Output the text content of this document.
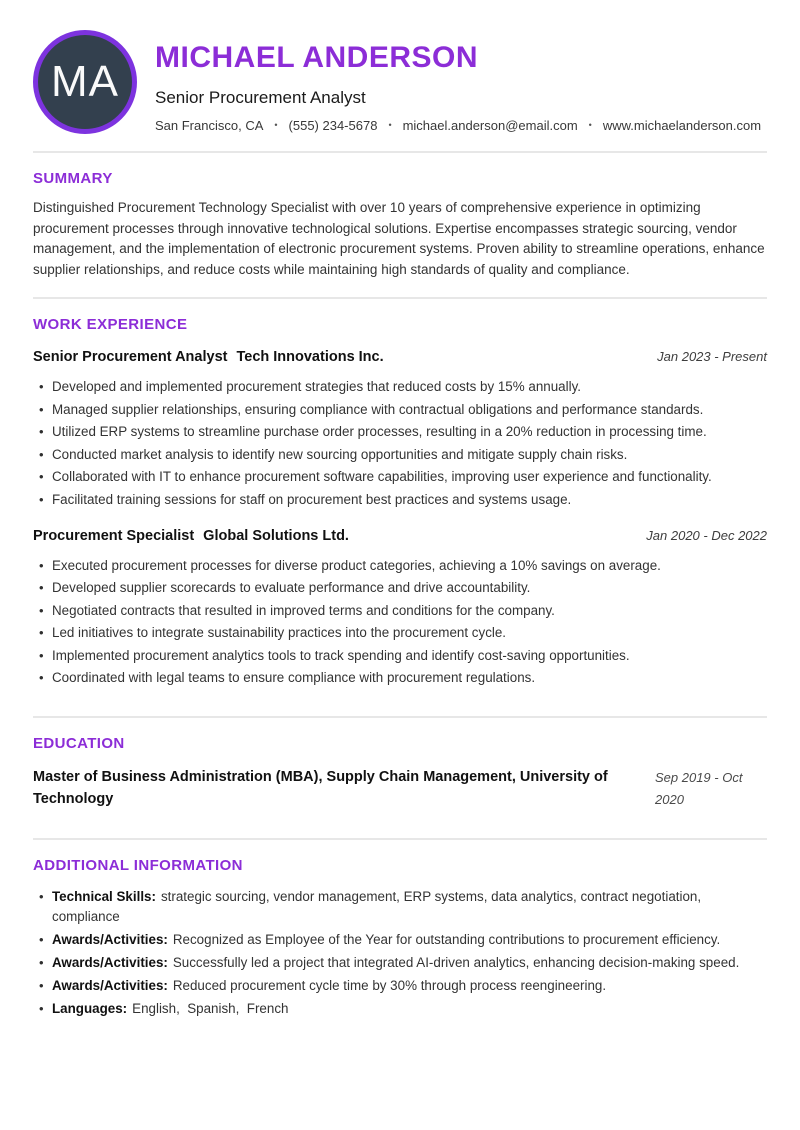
MA MICHAEL ANDERSON
Senior Procurement Analyst
San Francisco, CA • (555) 234-5678 • michael.anderson@email.com • www.michaelanderson.com
SUMMARY

Distinguished Procurement Technology Specialist with over 10 years of comprehensive experience in optimizing procurement processes through innovative technological solutions. Expertise encompasses strategic sourcing, vendor management, and the implementation of electronic procurement systems. Proven ability to streamline operations, enhance supplier relationships, and reduce costs while maintaining high standards of quality and compliance.

WORK EXPERIENCE
Senior Procurement Analyst Tech Innovations Inc.	Jan 2023 - Present
•
Developed and implemented procurement strategies that reduced costs by 15% annually.
•
Managed supplier relationships, ensuring compliance with contractual obligations and performance standards.
•
Utilized ERP systems to streamline purchase order processes, resulting in a 20% reduction in processing time.
•
Conducted market analysis to identify new sourcing opportunities and mitigate supply chain risks.
•
Collaborated with IT to enhance procurement software capabilities, improving user experience and functionality.
•
Facilitated training sessions for staff on procurement best practices and systems usage.
Procurement Specialist Global Solutions Ltd.	Jan 2020 - Dec 2022
•
Executed procurement processes for diverse product categories, achieving a 10% savings on average.
•
Developed supplier scorecards to evaluate performance and drive accountability.
•
Negotiated contracts that resulted in improved terms and conditions for the company.
•
Led initiatives to integrate sustainability practices into the procurement cycle.
•
Implemented procurement analytics tools to track spending and identify cost-saving opportunities.
•
Coordinated with legal teams to ensure compliance with procurement regulations.
EDUCATION
Master of Business Administration (MBA), Supply Chain Management, University of Technology
Sep 2019 - Oct 2020
ADDITIONAL INFORMATION
•
Technical Skills: strategic sourcing, vendor management, ERP systems, data analytics, contract negotiation, compliance
•
Awards/Activities: Recognized as Employee of the Year for outstanding contributions to procurement efficiency.
•
Awards/Activities: Successfully led a project that integrated AI-driven analytics, enhancing decision-making speed.
•
Awards/Activities: Reduced procurement cycle time by 30% through process reengineering.
•
Languages: English,  Spanish,  French
